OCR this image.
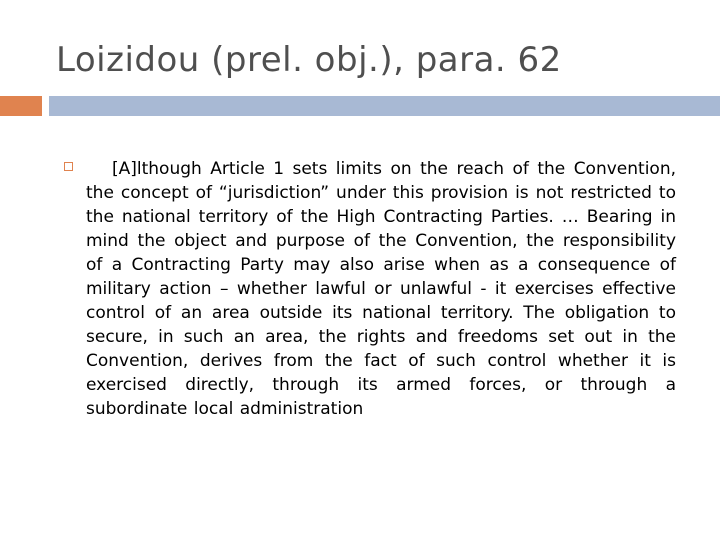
Loizidou (prel. obj.), para. 62
[A]lthough Article 1 sets limits on the reach of the Convention, the concept of “jurisdiction” under this provision is not restricted to the national territory of the High Contracting Parties. … Bearing in mind the object and purpose of the Convention, the responsibility of a Contracting Party may also arise when as a consequence of military action – whether lawful or unlawful - it exercises effective control of an area outside its national territory. The obligation to secure, in such an area, the rights and freedoms set out in the Convention, derives from the fact of such control whether it is exercised directly, through its armed forces, or through a subordinate local administration
